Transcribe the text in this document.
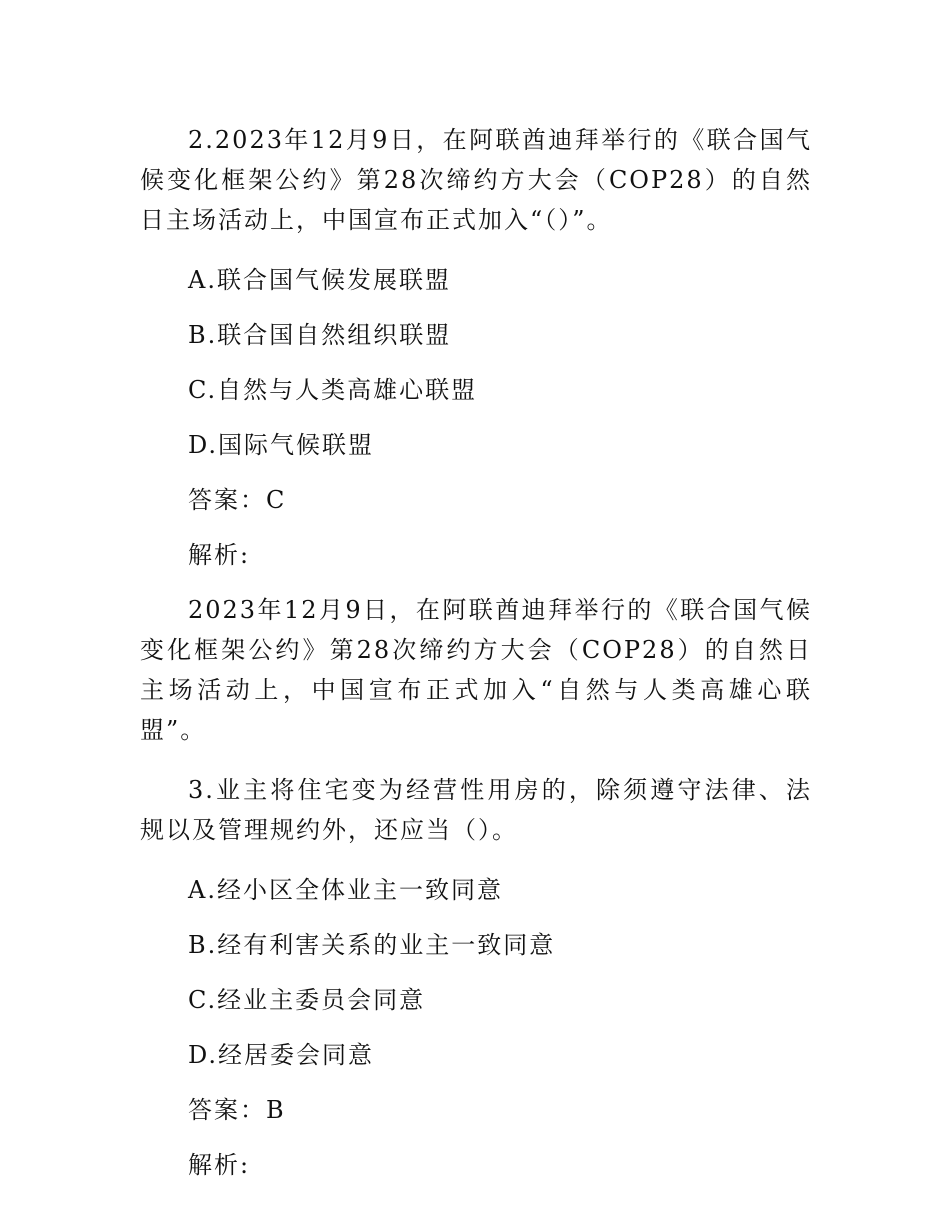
2.2023年12月9日，在阿联酋迪拜举行的《联合国气候变化框架公约》第28次缔约方大会（COP28）的自然日主场活动上，中国宣布正式加入“（）”。

A.联合国气候发展联盟

B.联合国自然组织联盟

C.自然与人类高雄心联盟

D.国际气候联盟

答案：C

解析:

2023年12月9日，在阿联酋迪拜举行的《联合国气候变化框架公约》第28次缔约方大会（COP28）的自然日主场活动上，中国宣布正式加入“自然与人类高雄心联盟”。

3.业主将住宅变为经营性用房的，除须遵守法律、法规以及管理规约外，还应当（）。

A.经小区全体业主一致同意

B.经有利害关系的业主一致同意

C.经业主委员会同意

D.经居委会同意

答案：B

解析:
